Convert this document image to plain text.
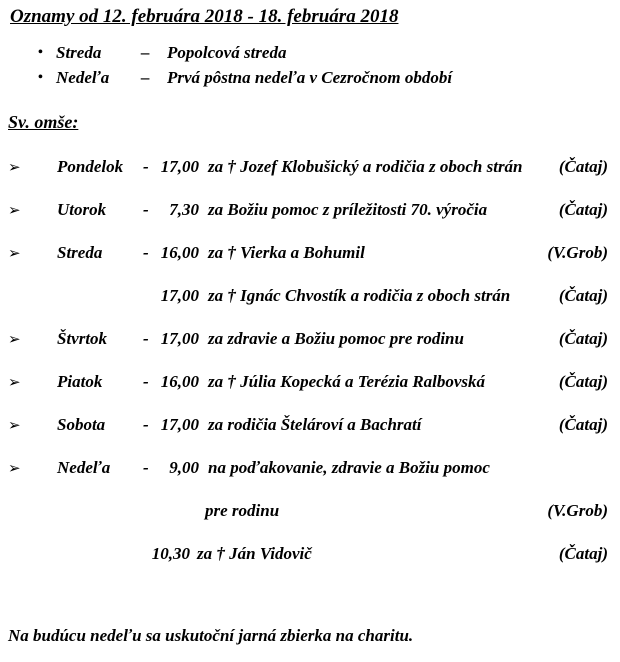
Oznamy od 12. februára 2018 - 18. februára 2018
• Streda – Popolcová streda
• Nedeľa – Prvá pôstna nedeľa v Cezročnom období
Sv. omše:
➢ Pondelok - 17,00 za † Jozef Klobušický a rodičia z oboch strán (Čataj)
➢ Utorok -	7,30 za Božiu pomoc z príležitosti 70. výročia	(Čataj)
➢ Streda - 16,00 za † Vierka a Bohumil	(V.Grob)
17,00 za † Ignác Chvostík a rodičia z oboch strán	(Čataj)
➢ Štvrtok - 17,00 za zdravie a Božiu pomoc pre rodinu	(Čataj)
➢ Piatok - 16,00 za † Júlia Kopecká a Terézia Ralbovská	(Čataj)
➢ Sobota - 17,00 za rodičia Štelároví a Bachratí	(Čataj)
➢ Nedeľa -	9,00 na poďakovanie, zdravie a Božiu pomoc
pre rodinu	(V.Grob)
10,30 za † Ján Vidovič	(Čataj)
Na budúcu nedeľu sa uskutoční jarná zbierka na charitu.
